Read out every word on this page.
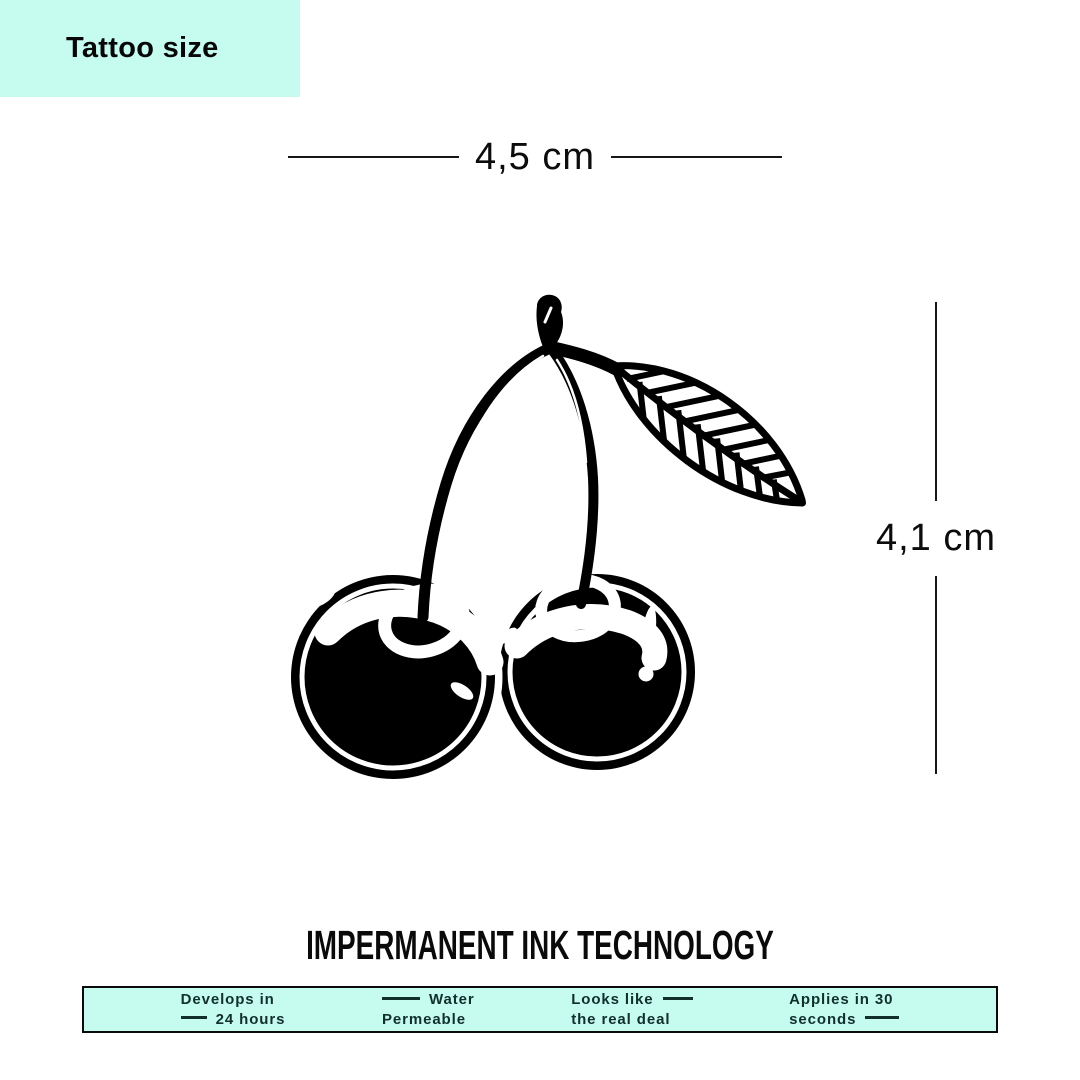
Tattoo size
4,5 cm
4,1 cm
IMPERMANENT INK TECHNOLOGY
Develops in
24 hours
Water
Permeable
Looks like
the real deal
Applies in 30
seconds
